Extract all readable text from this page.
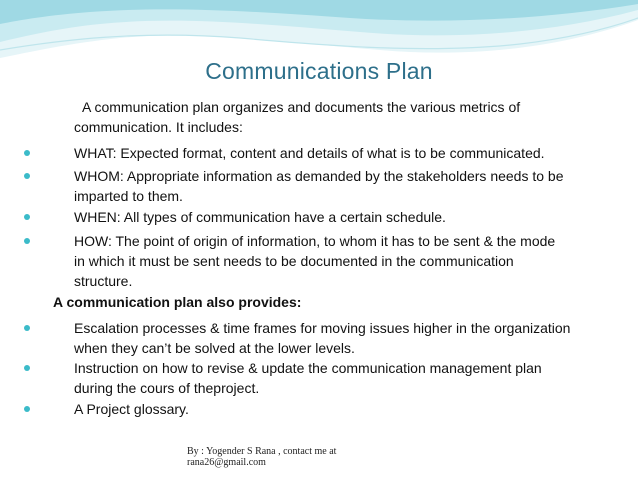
Communications Plan
A communication plan organizes and documents the various metrics of
communication. It includes:
WHAT: Expected format, content and details of what is to be communicated.
WHOM: Appropriate information as demanded by the stakeholders needs to be
imparted to them.
WHEN: All types of communication have a certain schedule.
HOW: The point of origin of information, to whom it has to be sent & the mode
in which it must be sent needs to be documented in the communication
structure.
A communication plan also provides:
Escalation processes & time frames for moving issues higher in the organization
when they can’t be solved at the lower levels.
Instruction on how to revise & update the communication management plan
during the cours of theproject.
A Project glossary.
By : Yogender S Rana , contact me at
rana26@gmail.com
